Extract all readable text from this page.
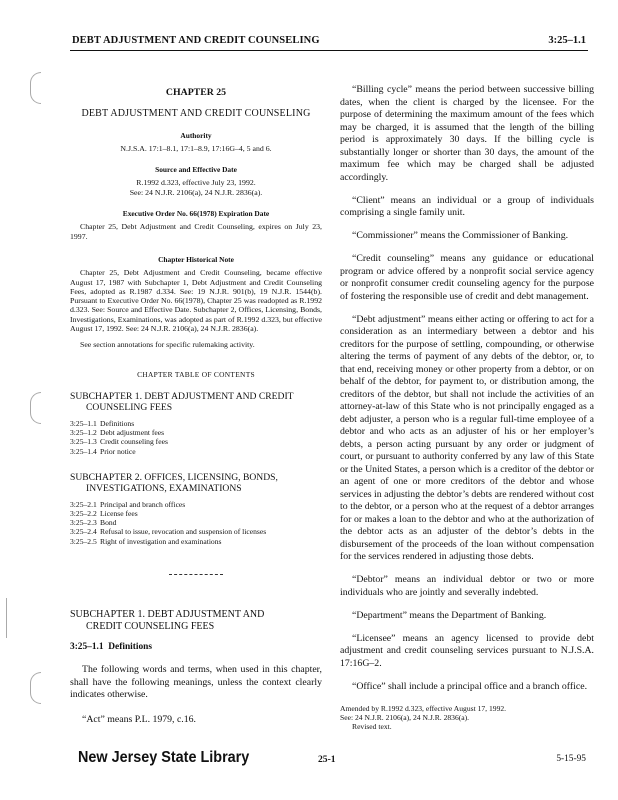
DEBT ADJUSTMENT AND CREDIT COUNSELING	3:25–1.1
CHAPTER 25
DEBT ADJUSTMENT AND CREDIT COUNSELING
Authority
N.J.S.A. 17:1–8.1, 17:1–8.9, 17:16G–4, 5 and 6.
Source and Effective Date
R.1992 d.323, effective July 23, 1992.
See: 24 N.J.R. 2106(a), 24 N.J.R. 2836(a).
Executive Order No. 66(1978) Expiration Date
Chapter 25, Debt Adjustment and Credit Counseling, expires on July 23, 1997.
Chapter Historical Note
Chapter 25, Debt Adjustment and Credit Counseling, became effective August 17, 1987 with Subchapter 1, Debt Adjustment and Credit Counseling Fees, adopted as R.1987 d.334. See: 19 N.J.R. 901(b), 19 N.J.R. 1544(b). Pursuant to Executive Order No. 66(1978), Chapter 25 was readopted as R.1992 d.323. See: Source and Effective Date. Subchapter 2, Offices, Licensing, Bonds, Investigations, Examinations, was adopted as part of R.1992 d.323, but effective August 17, 1992. See: 24 N.J.R. 2106(a), 24 N.J.R. 2836(a).
See section annotations for specific rulemaking activity.
CHAPTER TABLE OF CONTENTS
SUBCHAPTER 1. DEBT ADJUSTMENT AND CREDIT
COUNSELING FEES
3:25–1.1 Definitions
3:25–1.2 Debt adjustment fees
3:25–1.3 Credit counseling fees
3:25–1.4 Prior notice
SUBCHAPTER 2. OFFICES, LICENSING, BONDS,
INVESTIGATIONS, EXAMINATIONS
3:25–2.1 Principal and branch offices
3:25–2.2 License fees
3:25–2.3 Bond
3:25–2.4 Refusal to issue, revocation and suspension of licenses
3:25–2.5 Right of investigation and examinations
SUBCHAPTER 1. DEBT ADJUSTMENT AND
CREDIT COUNSELING FEES
3:25–1.1 Definitions
The following words and terms, when used in this chapter, shall have the following meanings, unless the context clearly indicates otherwise.
“Act” means P.L. 1979, c.16.
“Billing cycle” means the period between successive billing dates, when the client is charged by the licensee. For the purpose of determining the maximum amount of the fees which may be charged, it is assumed that the length of the billing period is approximately 30 days. If the billing cycle is substantially longer or shorter than 30 days, the amount of the maximum fee which may be charged shall be adjusted accordingly.
“Client” means an individual or a group of individuals comprising a single family unit.
“Commissioner” means the Commissioner of Banking.
“Credit counseling” means any guidance or educational program or advice offered by a nonprofit social service agency or nonprofit consumer credit counseling agency for the purpose of fostering the responsible use of credit and debt management.
“Debt adjustment” means either acting or offering to act for a consideration as an intermediary between a debtor and his creditors for the purpose of settling, compounding, or otherwise altering the terms of payment of any debts of the debtor, or, to that end, receiving money or other property from a debtor, or on behalf of the debtor, for payment to, or distribution among, the creditors of the debtor, but shall not include the activities of an attorney-at-law of this State who is not principally engaged as a debt adjuster, a person who is a regular full-time employee of a debtor and who acts as an adjuster of his or her employer’s debts, a person acting pursuant by any order or judgment of court, or pursuant to authority conferred by any law of this State or the United States, a person which is a creditor of the debtor or an agent of one or more creditors of the debtor and whose services in adjusting the debtor’s debts are rendered without cost to the debtor, or a person who at the request of a debtor arranges for or makes a loan to the debtor and who at the authorization of the debtor acts as an adjuster of the debtor’s debts in the disbursement of the proceeds of the loan without compensation for the services rendered in adjusting those debts.
“Debtor” means an individual debtor or two or more individuals who are jointly and severally indebted.
“Department” means the Department of Banking.
“Licensee” means an agency licensed to provide debt adjustment and credit counseling services pursuant to N.J.S.A. 17:16G–2.
“Office” shall include a principal office and a branch office.
Amended by R.1992 d.323, effective August 17, 1992.
See: 24 N.J.R. 2106(a), 24 N.J.R. 2836(a).
Revised text.
New Jersey State Library	25-1	5-15-95
